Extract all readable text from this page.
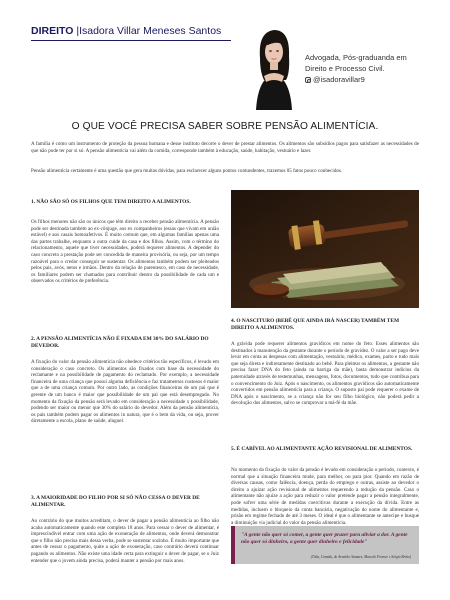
DIREITO |Isadora Villar Meneses Santos
Advogada, Pós-graduanda em Direito e Processo Civil.
@isadoravillar9
O QUE VOCÊ PRECISA SABER SOBRE PENSÃO ALIMENTÍCIA.

A família é como um instrumento de proteção da pessoa humana e desse instituto decorre o dever de prestar alimentos. Os alimentos são subsídios pagos para satisfazer as necessidades de que não pode ter por si só. A pensão alimentícia vai além da comida, corresponde também à educação, saúde, habitação, vestuário e lazer.

Pensão alimentícia certamente é uma questão que gera muitas dúvidas, para esclarecer alguns pontos contundentes, trazemos 05 fatos pouco conhecidos.

1. NÃO SÃO SÓ OS FILHOS QUE TEM DIREITO A ALIMENTOS.

Os filhos menores não são os únicos que têm direito a receber pensão alimentícia. A pensão pode ser destinada também ao ex-cônjuge, aos ex companheiros (essas que vivam em união estável) e aos casais homoafetivos. É muito comum que, em algumas famílias apenas uma das partes trabalhe, enquanto a outra cuide da casa e dos filhos. Assim, com o término do relacionamento, aquele que tiver necessidades, poderá requerer alimentos. A depender do caso concreto a prestação pode ser concedida de maneira provisória, ou seja, por um tempo razoável para o credor conseguir se sustentar. Os alimentos também podem ser pleiteados pelos pais, avós, netos e irmãos. Dentro da relação de parentesco, em caso de necessidade, os familiares podem ser chamados para contribuir dentro da possibilidade de cada um e observados os critérios de preferência.

2. A PENSÃO ALIMENTÍCIA NÃO É FIXADA EM 30% DO SALÁRIO DO DEVEDOR.

A fixação do valor da pensão alimentícia não obedece critérios tão específicos, é levado em consideração o caso concreto. Os alimentos são fixados com base da necessidade do reclamante e na possibilidade de pagamento do reclamado. Por exemplo, a necessidade financeira de uma criança que possui alguma deficiência e faz tratamentos custosos é maior que a de uma criança comum. Por outro lado, as condições financeiras de um pai que é gerente de um banco é maior que possibilidade de um pai que está desempregado. No momento da fixação da pensão será levado em consideração a necessidade x possibilidade, podendo ser maior ou menor que 30% do salário do devedor. Além da pensão alimentícia, os pais também podem pagar os alimentos in natura, que é o bem da vida, ou seja, prover diretamente a escola, plano de saúde, aluguel.

3. A MAIORIDADE DO FILHO POR SI SÓ NÃO CESSA O DEVER DE ALIMENTAR.

Ao contrário do que muitos acreditam, o dever de pagar a pensão alimentícia ao filho não acaba automaticamente quando este completa 18 anos. Para cessar o dever de alimentar, é imprescindível entrar com uma ação de exoneração de alimentos, onde deverá demonstrar que o filho não precisa mais dessa verba, pode se sustentar sozinho. É muito importante que antes de cessar o pagamento, quite a ação de exoneração, caso contrário deverá continuar pagando os alimentos. Não existe uma idade certa para extinguir o dever de pagar, se o Juiz entender que o jovem ainda precisa, poderá manter a pensão por mais anos.

4. O NASCITURO (BEBÊ QUE AINDA IRÁ NASCER) TAMBÉM TEM DIREITO A ALIMENTOS.

A grávida pode requerer alimentos gravídicos em nome do feto. Esses alimentos são destinados à manutenção da gestante durante o período de gravidez. O valor a ser pago deve levar em conta as despesas com alimentação, vestuário, médico, exames, parto e tudo mais que seja direta e indiretamente destinado ao bebê. Para pleitear os alimentos, a gestante não precisa fazer DNA do feto (ainda na barriga da mãe), basta demonstrar indícios da paternidade através de testemunhas, mensagens, fotos, documentos, tudo que contribua para o convencimento do Juiz. Após o nascimento, os alimentos gravídicos são automaticamente convertidos em pensão alimentícia para a criança. O suposto pai pode requerer o exame de DNA após o nascimento, se a criança não for seu filho biológico, não poderá pedir a devolução dos alimentos, salvo se comprovar a má-fé da mãe.

5. É CABÍVEL AO ALIMENTANTE AÇÃO REVISIONAL DE ALIMENTOS.

No momento da fixação do valor da pensão é levado em consideração o período, contexto, é normal que a situação financeira mude, para melhor, ou para pior. Quando em razão de diversas causas, como falência, doença, perda do emprego e outras, assiste ao devedor o direito a ajuizar ação revisional de alimentos requerendo a redução da pensão. Caso o alimentante não ajuíze a ação para reduzir o valor pretende pagar a pensão integralmente, pode sofrer uma série de medidas coercitivas durante a execução da dívida. Entre as medidas, incluem o bloqueio da conta bancária, negativação do nome do alimentante e, prisão em regime fechado de até 3 meses. O ideal é que o alimentante se antecipe e busque a diminuição via judicial do valor da pensão alimentícia.

"A gente não quer só comer, a gente quer prazer para aliviar a dor. A gente não quer só dinheiro, a gente quer dinheiro e felicidade"
(Titãs, Comida, de Arnaldo Antunes, Marcelo Fromer e Sérgio Britto)
